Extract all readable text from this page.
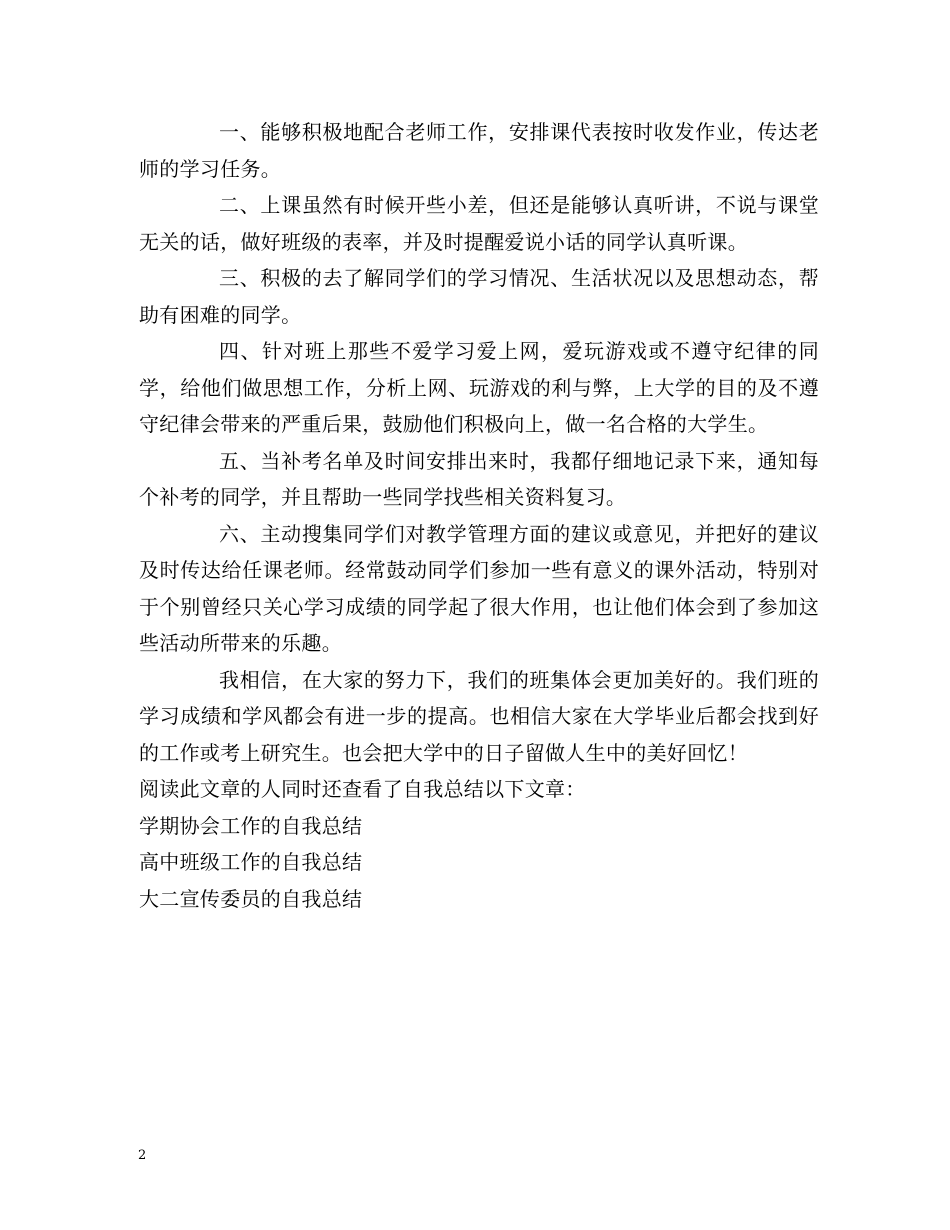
一、能够积极地配合老师工作，安排课代表按时收发作业，传达老师的学习任务。

二、上课虽然有时候开些小差，但还是能够认真听讲，不说与课堂无关的话，做好班级的表率，并及时提醒爱说小话的同学认真听课。

三、积极的去了解同学们的学习情况、生活状况以及思想动态，帮助有困难的同学。

四、针对班上那些不爱学习爱上网，爱玩游戏或不遵守纪律的同学，给他们做思想工作，分析上网、玩游戏的利与弊，上大学的目的及不遵守纪律会带来的严重后果，鼓励他们积极向上，做一名合格的大学生。

五、当补考名单及时间安排出来时，我都仔细地记录下来，通知每个补考的同学，并且帮助一些同学找些相关资料复习。

六、主动搜集同学们对教学管理方面的建议或意见，并把好的建议及时传达给任课老师。经常鼓动同学们参加一些有意义的课外活动，特别对于个别曾经只关心学习成绩的同学起了很大作用，也让他们体会到了参加这些活动所带来的乐趣。

我相信，在大家的努力下，我们的班集体会更加美好的。我们班的学习成绩和学风都会有进一步的提高。也相信大家在大学毕业后都会找到好的工作或考上研究生。也会把大学中的日子留做人生中的美好回忆！

阅读此文章的人同时还查看了自我总结以下文章：

学期协会工作的自我总结

高中班级工作的自我总结

大二宣传委员的自我总结

2
